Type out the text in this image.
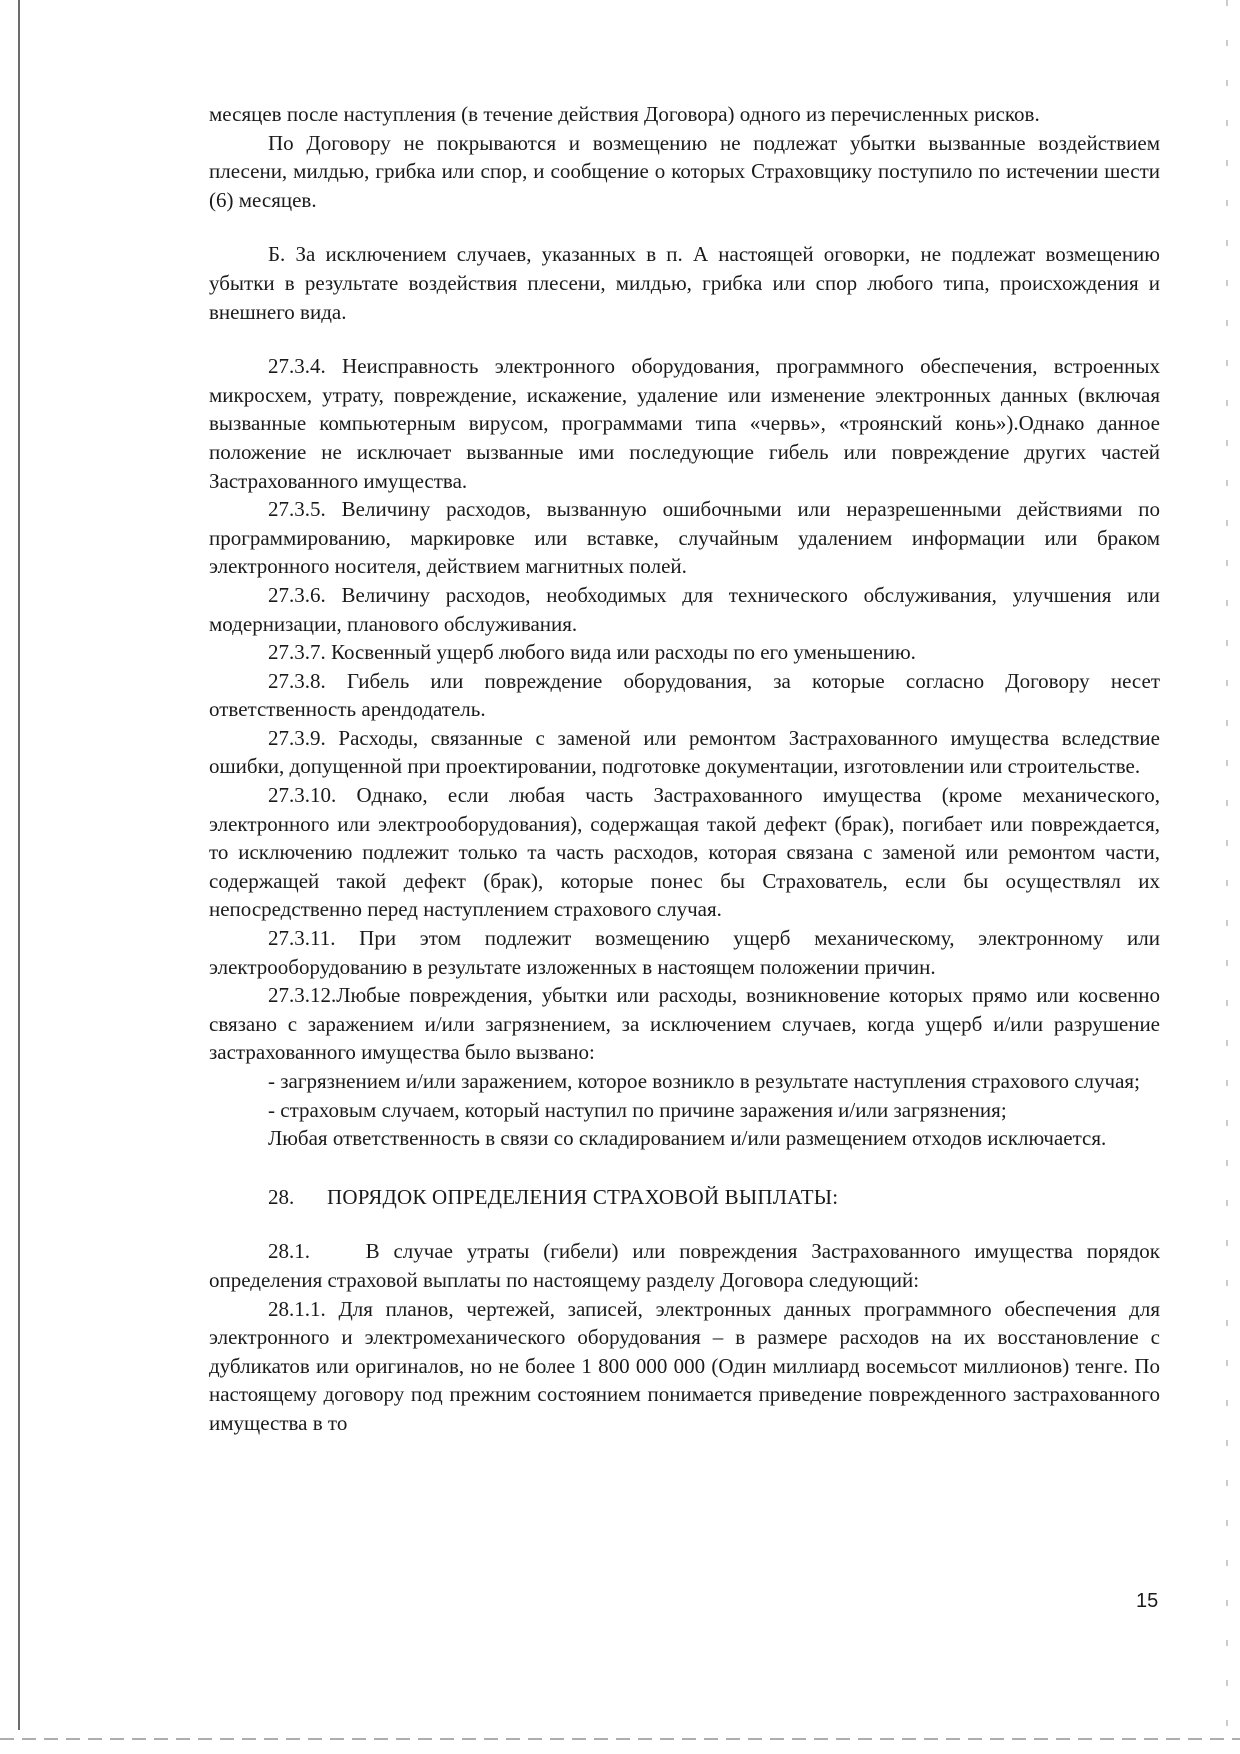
месяцев после наступления (в течение действия Договора) одного из перечисленных рисков.

По Договору не покрываются и возмещению не подлежат убытки вызванные воздействием плесени, милдью, грибка или спор, и сообщение о которых Страховщику поступило по истечении шести (6) месяцев.

Б. За исключением случаев, указанных в п. А настоящей оговорки, не подлежат возмещению убытки в результате воздействия плесени, милдью, грибка или спор любого типа, происхождения и внешнего вида.

27.3.4. Неисправность электронного оборудования, программного обеспечения, встроенных микросхем, утрату, повреждение, искажение, удаление или изменение электронных данных (включая вызванные компьютерным вирусом, программами типа «червь», «троянский конь»).Однако данное положение не исключает вызванные ими последующие гибель или повреждение других частей Застрахованного имущества.

27.3.5. Величину расходов, вызванную ошибочными или неразрешенными действиями по программированию, маркировке или вставке, случайным удалением информации или браком электронного носителя, действием магнитных полей.

27.3.6. Величину расходов, необходимых для технического обслуживания, улучшения или модернизации, планового обслуживания.

27.3.7. Косвенный ущерб любого вида или расходы по его уменьшению.

27.3.8. Гибель или повреждение оборудования, за которые согласно Договору несет ответственность арендодатель.

27.3.9. Расходы, связанные с заменой или ремонтом Застрахованного имущества вследствие ошибки, допущенной при проектировании, подготовке документации, изготовлении или строительстве.

27.3.10. Однако, если любая часть Застрахованного имущества (кроме механического, электронного или электрооборудования), содержащая такой дефект (брак), погибает или повреждается, то исключению подлежит только та часть расходов, которая связана с заменой или ремонтом части, содержащей такой дефект (брак), которые понес бы Страхователь, если бы осуществлял их непосредственно перед наступлением страхового случая.

27.3.11. При этом подлежит возмещению ущерб механическому, электронному или электрооборудованию в результате изложенных в настоящем положении причин.

27.3.12.Любые повреждения, убытки или расходы, возникновение которых прямо или косвенно связано с заражением и/или загрязнением, за исключением случаев, когда ущерб и/или разрушение застрахованного имущества было вызвано:

- загрязнением и/или заражением, которое возникло в результате наступления страхового случая;

- страховым случаем, который наступил по причине заражения и/или загрязнения;

Любая ответственность в связи со складированием и/или размещением отходов исключается.

28.	ПОРЯДОК ОПРЕДЕЛЕНИЯ СТРАХОВОЙ ВЫПЛАТЫ:

28.1.	В случае утраты (гибели) или повреждения Застрахованного имущества порядок определения страховой выплаты по настоящему разделу Договора следующий:

28.1.1. Для планов, чертежей, записей, электронных данных программного обеспечения для электронного и электромеханического оборудования – в размере расходов на их восстановление с дубликатов или оригиналов, но не более 1 800 000 000 (Один миллиард восемьсот миллионов) тенге. По настоящему договору под прежним состоянием понимается приведение поврежденного застрахованного имущества в то

15
